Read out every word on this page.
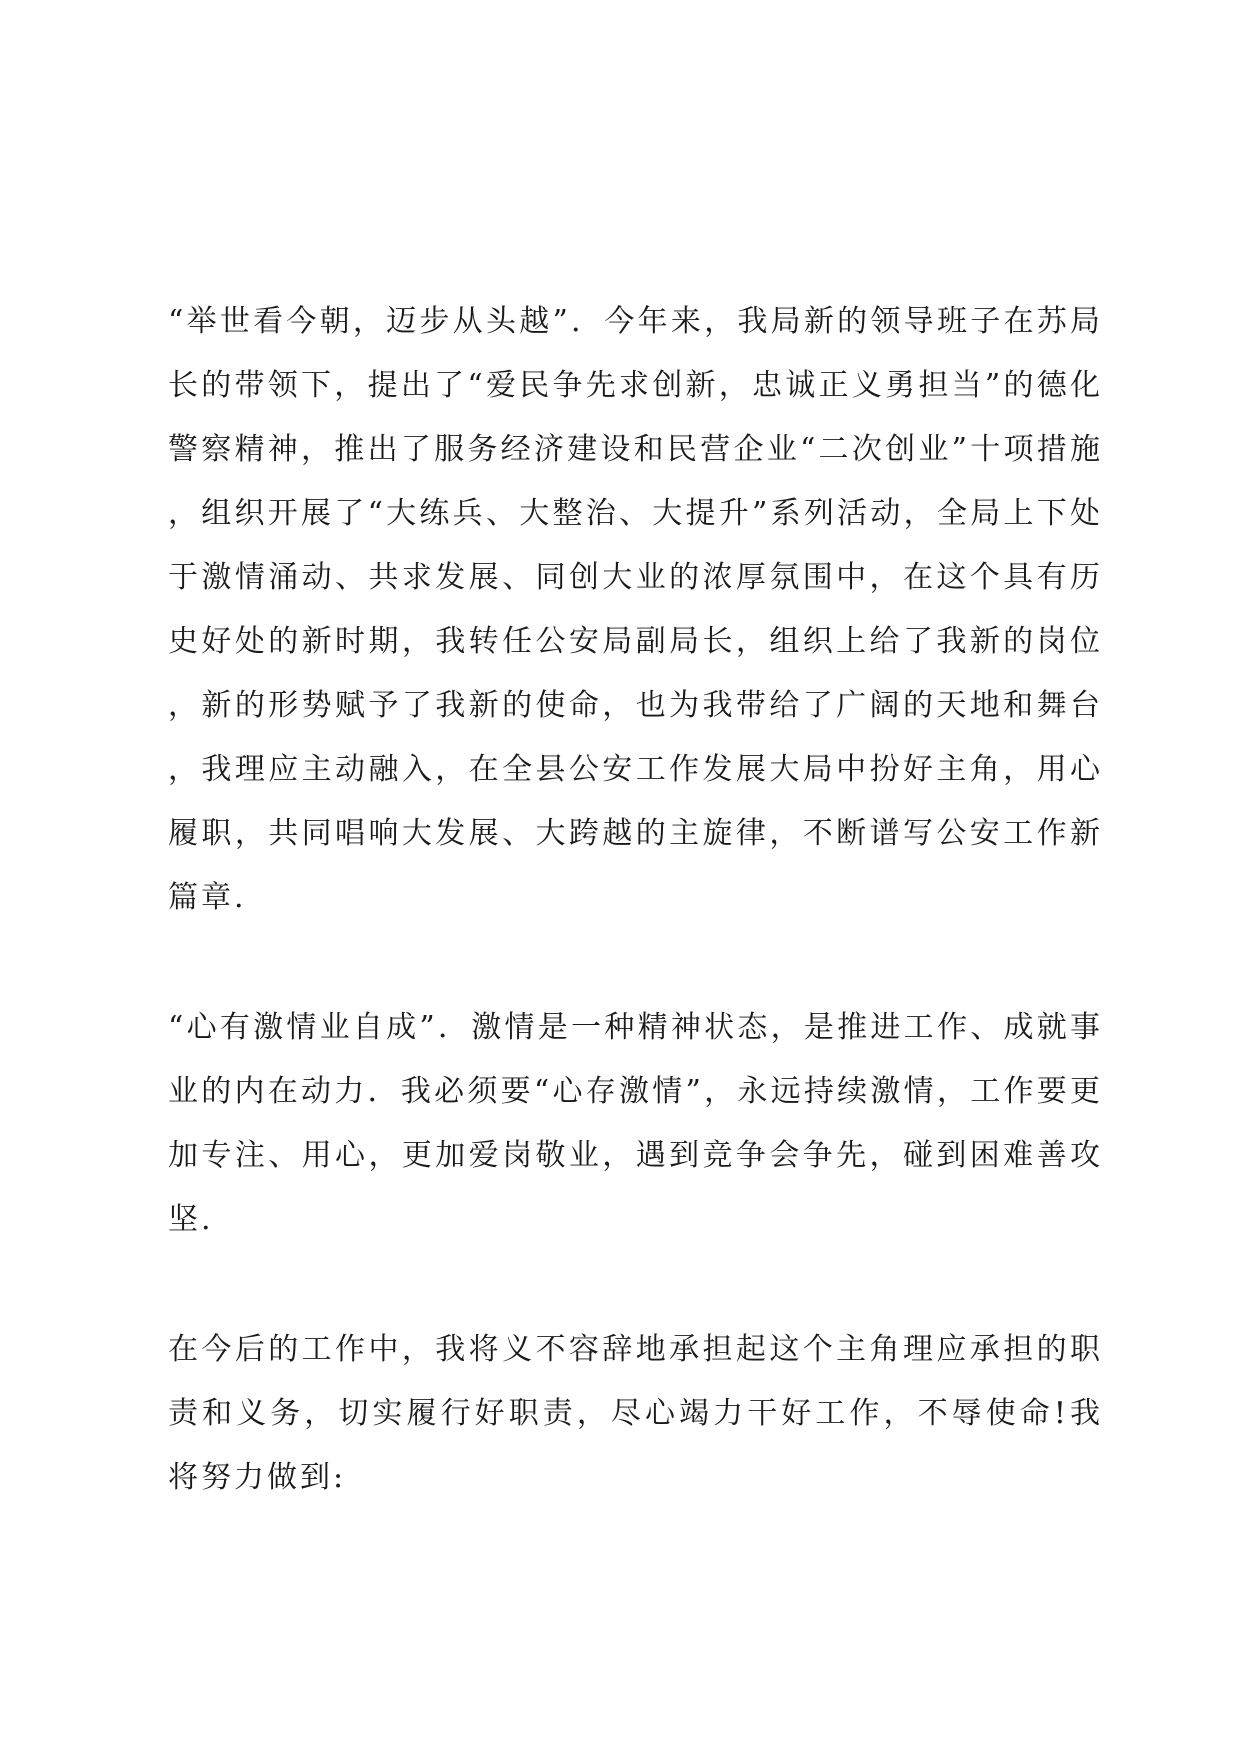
“举世看今朝，迈步从头越”．今年来，我局新的领导班子在苏局长的带领下，提出了“爱民争先求创新，忠诚正义勇担当”的德化警察精神，推出了服务经济建设和民营企业“二次创业”十项措施，组织开展了“大练兵、大整治、大提升”系列活动，全局上下处于激情涌动、共求发展、同创大业的浓厚氛围中，在这个具有历史好处的新时期，我转任公安局副局长，组织上给了我新的岗位，新的形势赋予了我新的使命，也为我带给了广阔的天地和舞台，我理应主动融入，在全县公安工作发展大局中扮好主角，用心履职，共同唱响大发展、大跨越的主旋律，不断谱写公安工作新篇章.

“心有激情业自成”．激情是一种精神状态，是推进工作、成就事业的内在动力．我必须要“心存激情”，永远持续激情，工作要更加专注、用心，更加爱岗敬业，遇到竞争会争先，碰到困难善攻坚.

在今后的工作中，我将义不容辞地承担起这个主角理应承担的职责和义务，切实履行好职责，尽心竭力干好工作，不辱使命!我将努力做到:
